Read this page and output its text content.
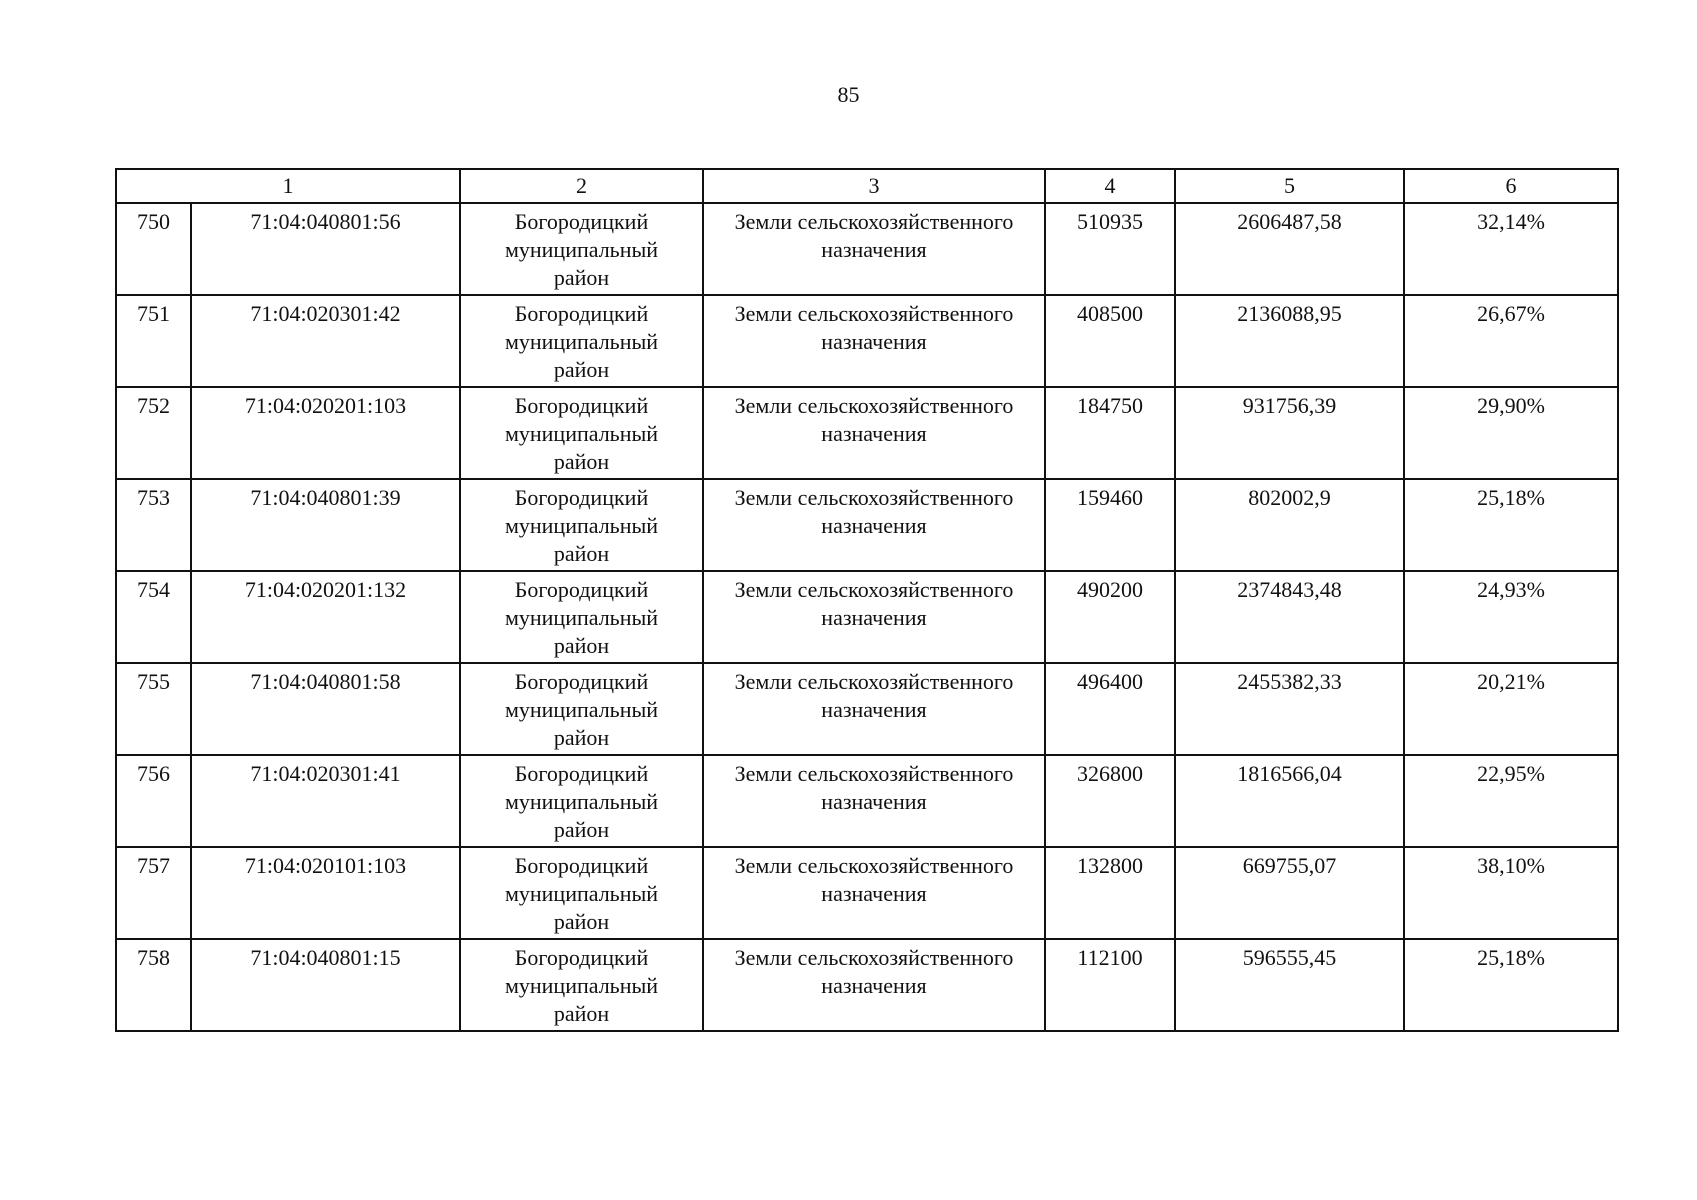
85
1		2	3	4	5	6
750	71:04:040801:56	Богородицкий
муниципальный
район	Земли сельскохозяйственного
назначения	510935	2606487,58	32,14%
751	71:04:020301:42	Богородицкий
муниципальный
район	Земли сельскохозяйственного
назначения	408500	2136088,95	26,67%
752	71:04:020201:103	Богородицкий
муниципальный
район	Земли сельскохозяйственного
назначения	184750	931756,39	29,90%
753	71:04:040801:39	Богородицкий
муниципальный
район	Земли сельскохозяйственного
назначения	159460	802002,9	25,18%
754	71:04:020201:132	Богородицкий
муниципальный
район	Земли сельскохозяйственного
назначения	490200	2374843,48	24,93%
755	71:04:040801:58	Богородицкий
муниципальный
район	Земли сельскохозяйственного
назначения	496400	2455382,33	20,21%
756	71:04:020301:41	Богородицкий
муниципальный
район	Земли сельскохозяйственного
назначения	326800	1816566,04	22,95%
757	71:04:020101:103	Богородицкий
муниципальный
район	Земли сельскохозяйственного
назначения	132800	669755,07	38,10%
758	71:04:040801:15	Богородицкий
муниципальный
район	Земли сельскохозяйственного
назначения	112100	596555,45	25,18%
